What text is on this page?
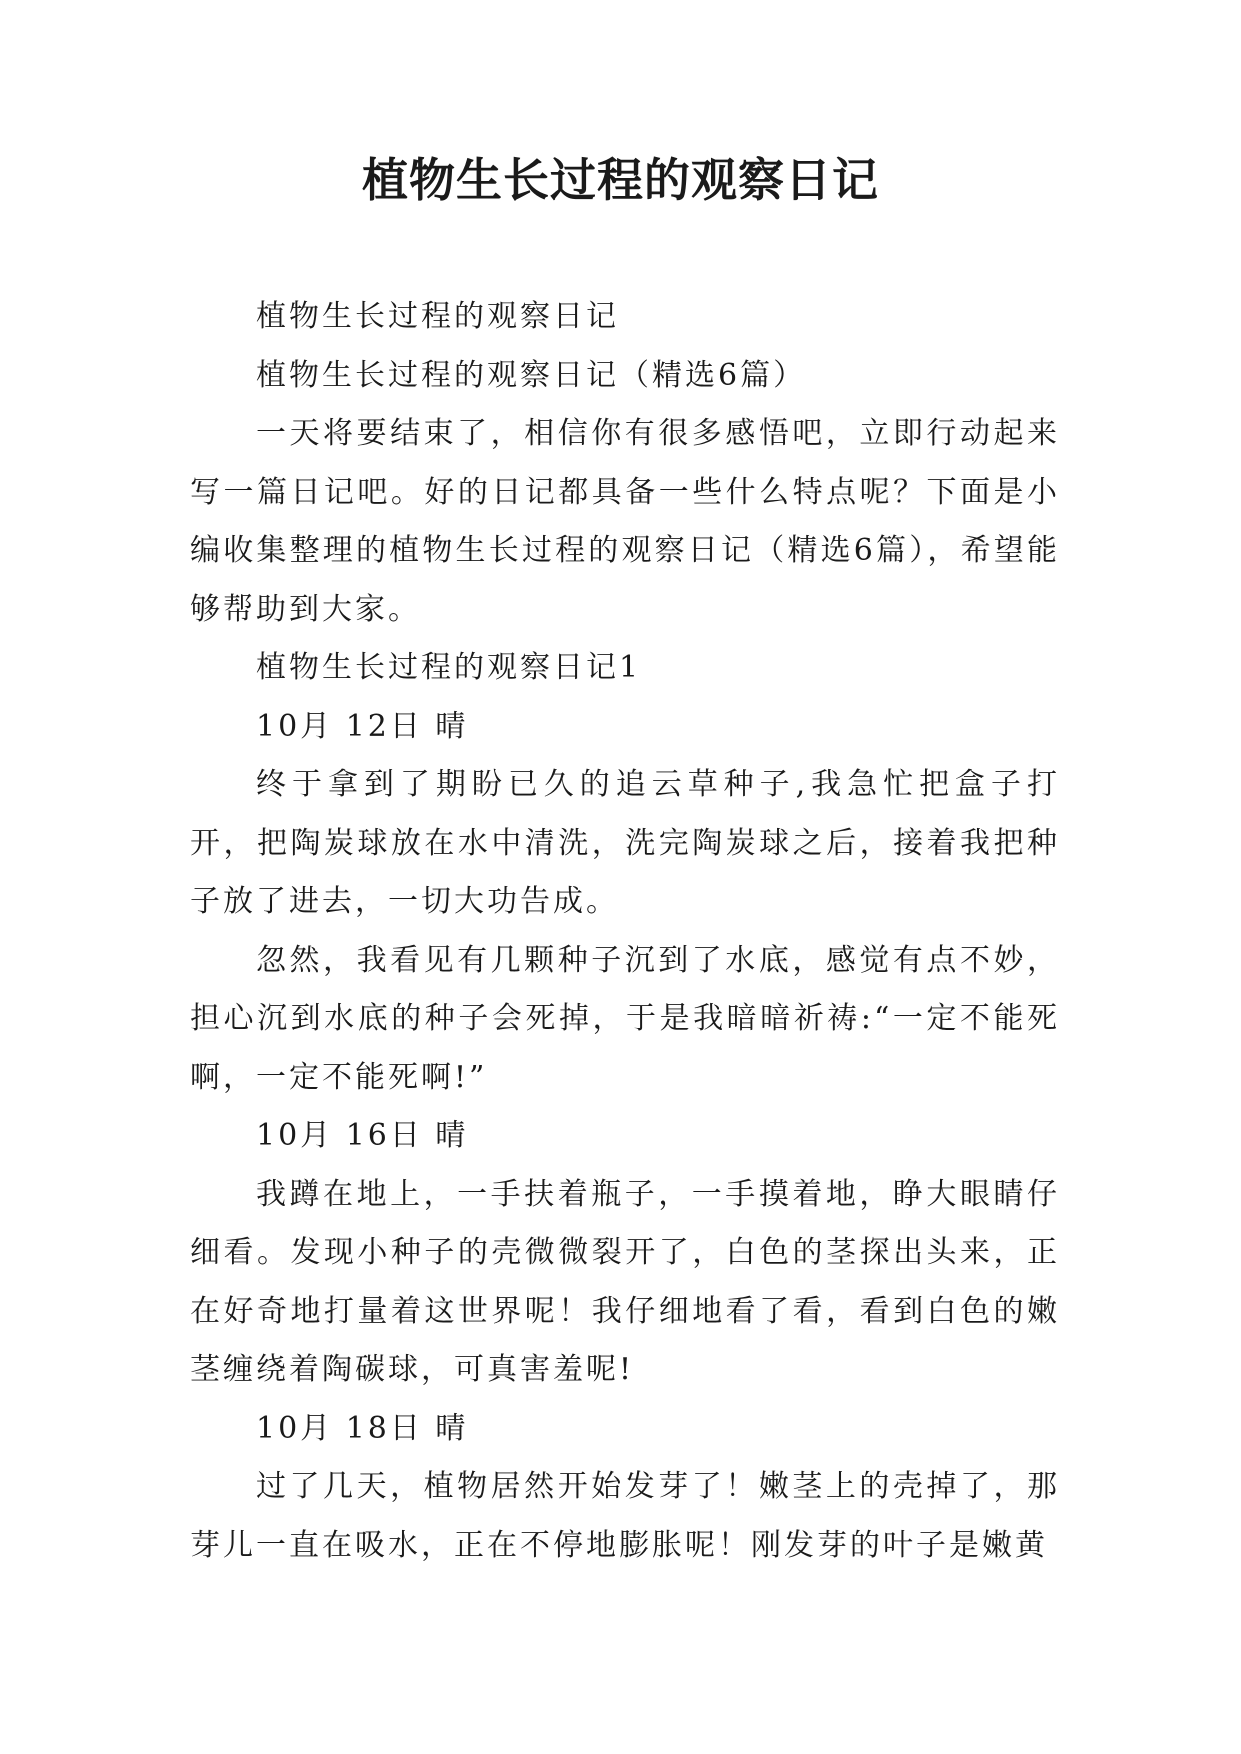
植物生长过程的观察日记

植物生长过程的观察日记

植物生长过程的观察日记（精选6篇）

一天将要结束了，相信你有很多感悟吧，立即行动起来写一篇日记吧。好的日记都具备一些什么特点呢？下面是小编收集整理的植物生长过程的观察日记（精选6篇），希望能够帮助到大家。

植物生长过程的观察日记1

10月 12日 晴

终于拿到了期盼已久的追云草种子,我急忙把盒子打开，把陶炭球放在水中清洗，洗完陶炭球之后，接着我把种子放了进去，一切大功告成。

忽然，我看见有几颗种子沉到了水底，感觉有点不妙，担心沉到水底的种子会死掉，于是我暗暗祈祷:“一定不能死啊，一定不能死啊!”

10月 16日 晴

我蹲在地上，一手扶着瓶子，一手摸着地，睁大眼睛仔细看。发现小种子的壳微微裂开了，白色的茎探出头来，正在好奇地打量着这世界呢！我仔细地看了看，看到白色的嫩茎缠绕着陶碳球，可真害羞呢!

10月 18日 晴

过了几天，植物居然开始发芽了！嫩茎上的壳掉了，那芽儿一直在吸水，正在不停地膨胀呢！刚发芽的叶子是嫩黄
